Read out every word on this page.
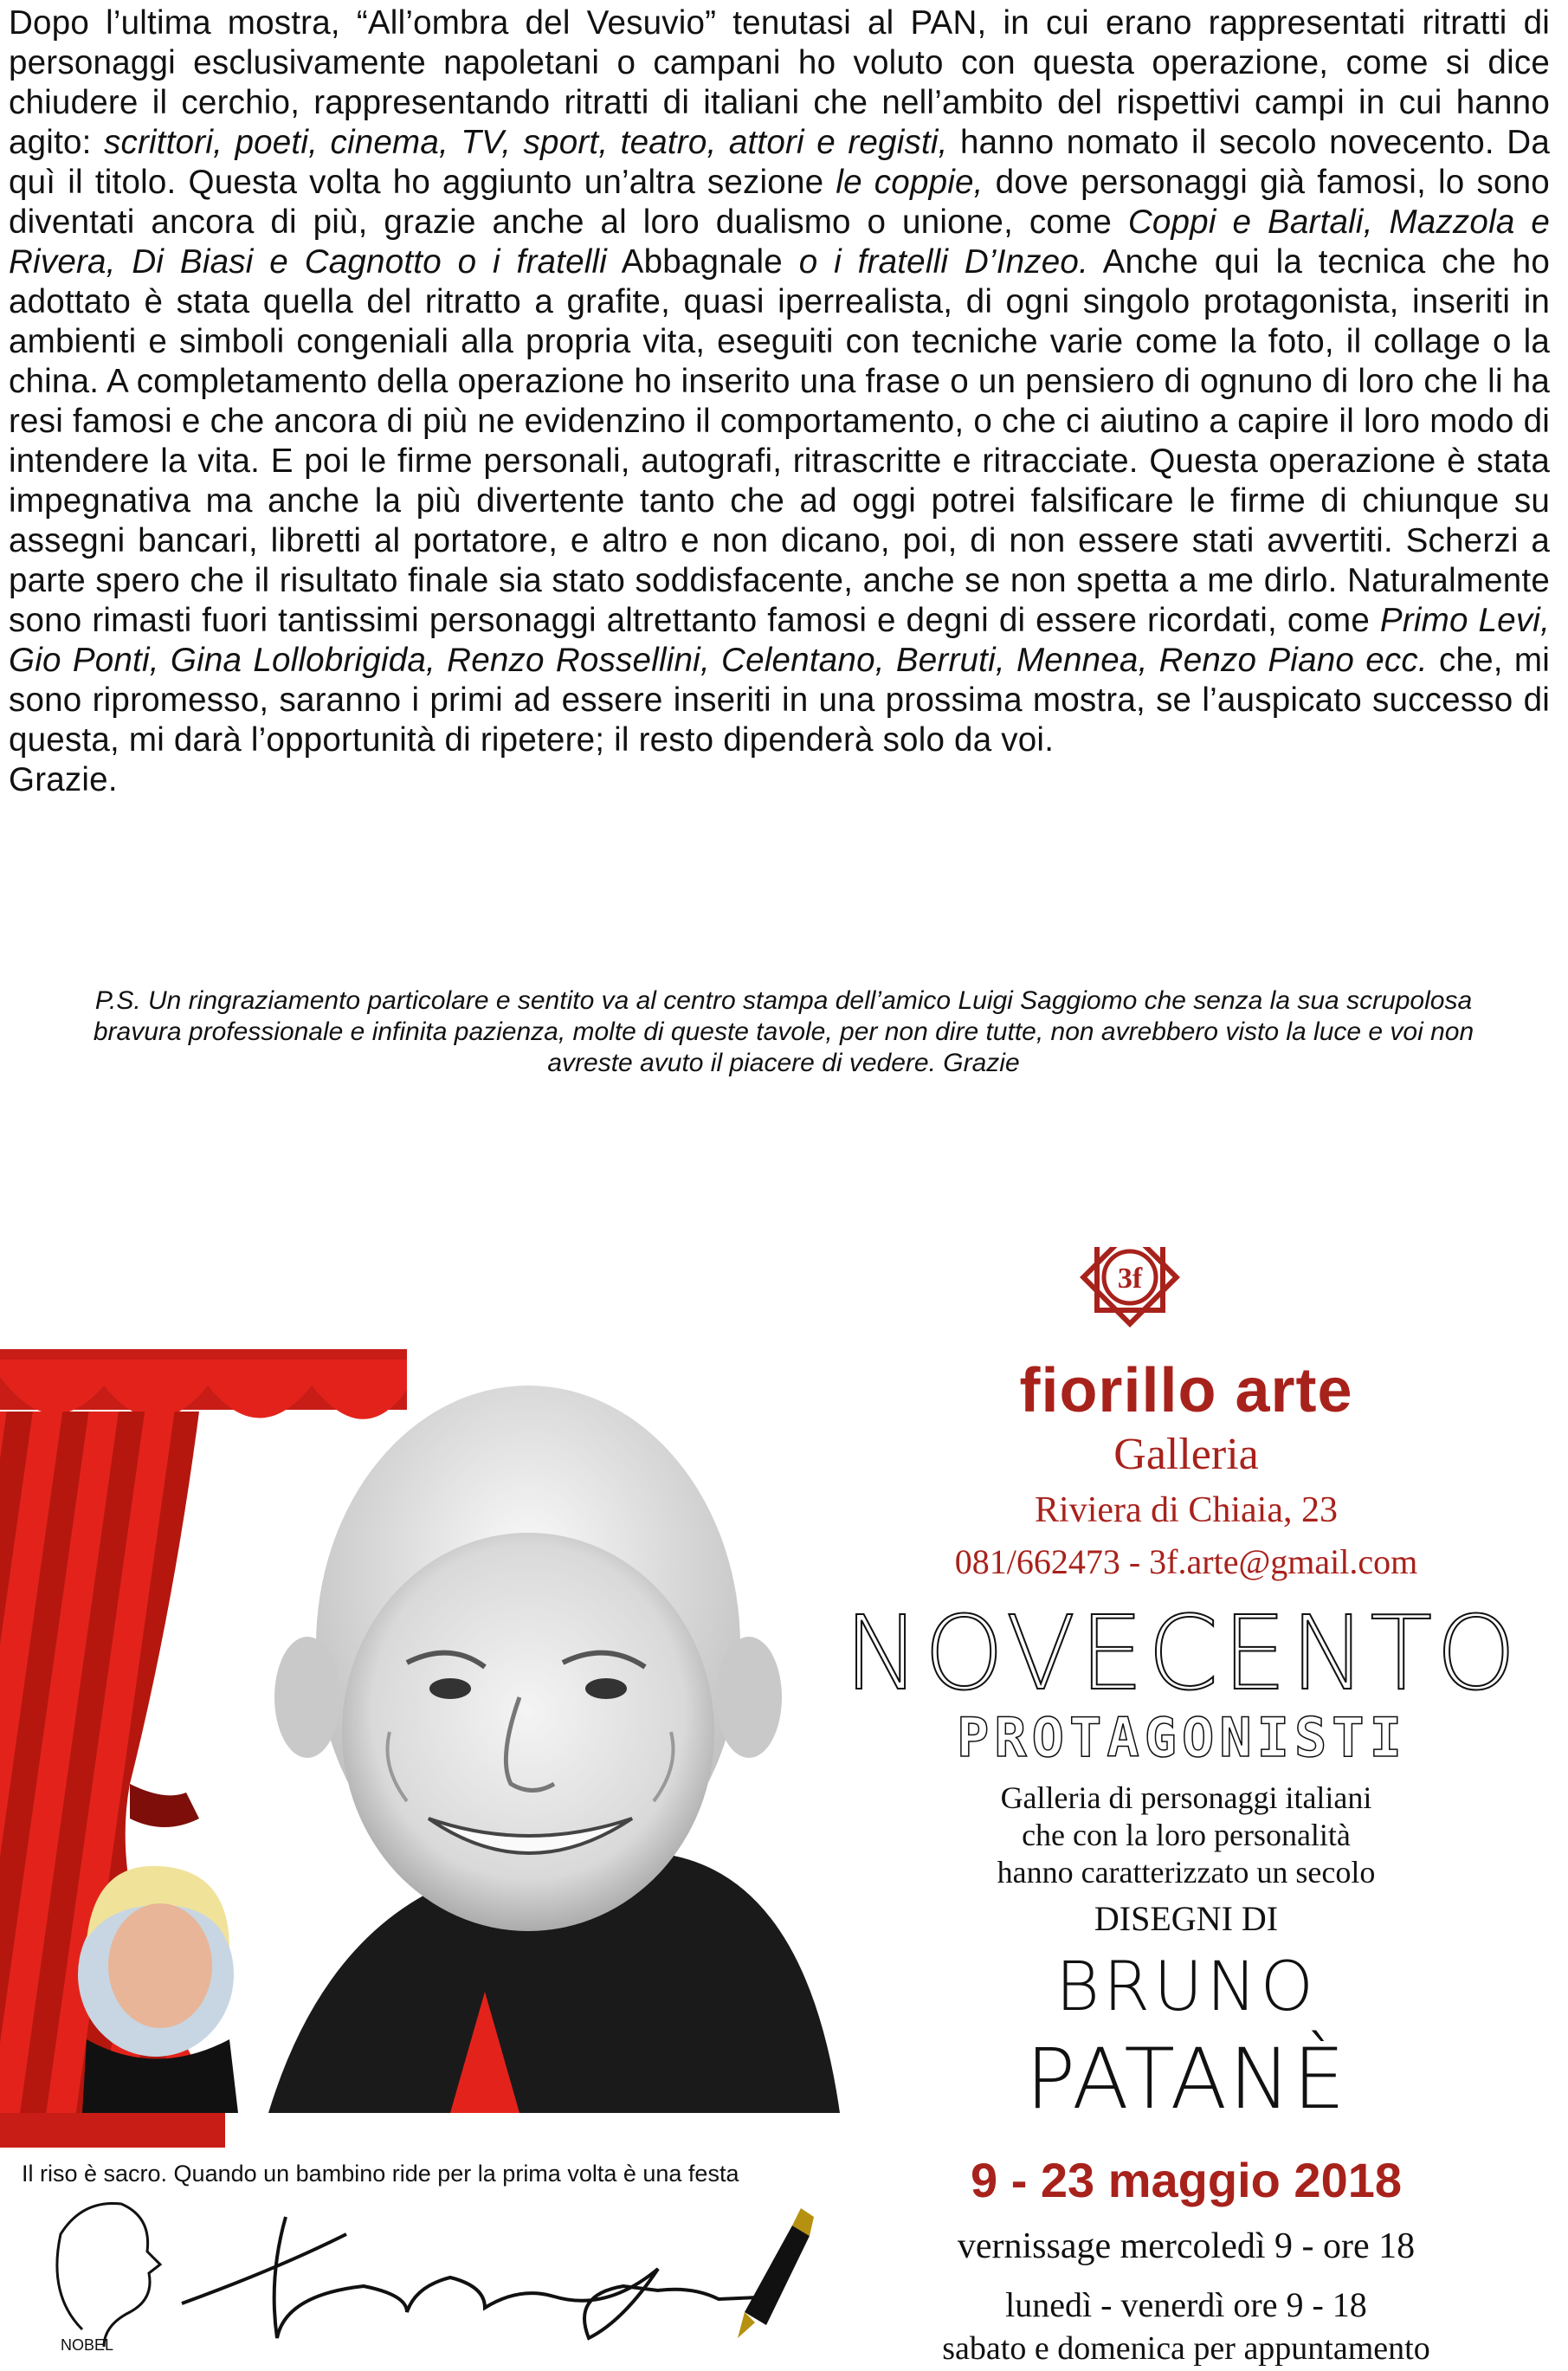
Dopo l’ultima mostra, “All’ombra del Vesuvio” tenutasi al PAN, in cui erano rappresentati ritratti di personaggi esclusivamente napoletani o campani ho voluto con questa operazione, come si dice chiudere il cerchio, rappresentando ritratti di italiani che nell’ambito del rispettivi campi in cui hanno agito: scrittori, poeti, cinema, TV, sport, teatro, attori e registi, hanno nomato il secolo novecento. Da quì il titolo. Questa volta ho aggiunto un’altra sezione le coppie, dove personaggi già famosi, lo sono diventati ancora di più, grazie anche al loro dualismo o unione, come Coppi e Bartali, Mazzola e Rivera, Di Biasi e Cagnotto o i fratelli Abbagnale o i fratelli D’Inzeo. Anche qui la tecnica che ho adottato è stata quella del ritratto a grafite, quasi iperrealista, di ogni singolo protagonista, inseriti in ambienti e simboli congeniali alla propria vita, eseguiti con tecniche varie come la foto, il collage o la china. A completamento della operazione ho inserito una frase o un pensiero di ognuno di loro che li ha resi famosi e che ancora di più ne evidenzino il comportamento, o che ci aiutino a capire il loro modo di intendere la vita. E poi le firme personali, autografi, ritrascritte e ritracciate. Questa operazione è stata impegnativa ma anche la più divertente tanto che ad oggi potrei falsificare le firme di chiunque su assegni bancari, libretti al portatore, e altro e non dicano, poi, di non essere stati avvertiti. Scherzi a parte spero che il risultato finale sia stato soddisfacente, anche se non spetta a me dirlo. Naturalmente sono rimasti fuori tantissimi personaggi altrettanto famosi e degni di essere ricordati, come Primo Levi, Gio Ponti, Gina Lollobrigida, Renzo Rossellini, Celentano, Berruti, Mennea, Renzo Piano ecc. che, mi sono ripromesso, saranno i primi ad essere inseriti in una prossima mostra, se l’auspicato successo di questa, mi darà l’opportunità di ripetere; il resto dipenderà solo da voi.
Grazie.

P.S. Un ringraziamento particolare e sentito va al centro stampa dell’amico Luigi Saggiomo che senza la sua scrupolosa bravura professionale e infinita pazienza, molte di queste tavole, per non dire tutte, non avrebbero visto la luce e voi non avreste avuto il piacere di vedere. Grazie

3f
fiorillo arte
Galleria
Riviera di Chiaia, 23
081/662473 - 3f.arte@gmail.com
NOVECENTO
PROTAGONISTI
Galleria di personaggi italiani
che con la loro personalità
hanno caratterizzato un secolo
DISEGNI DI
BRUNO
PATANÈ
9 - 23 maggio 2018
vernissage mercoledì 9 - ore 18
lunedì - venerdì ore 9 - 18
sabato e domenica per appuntamento
Il riso è sacro. Quando un bambino ride per la prima volta è una festa
NOBEL
